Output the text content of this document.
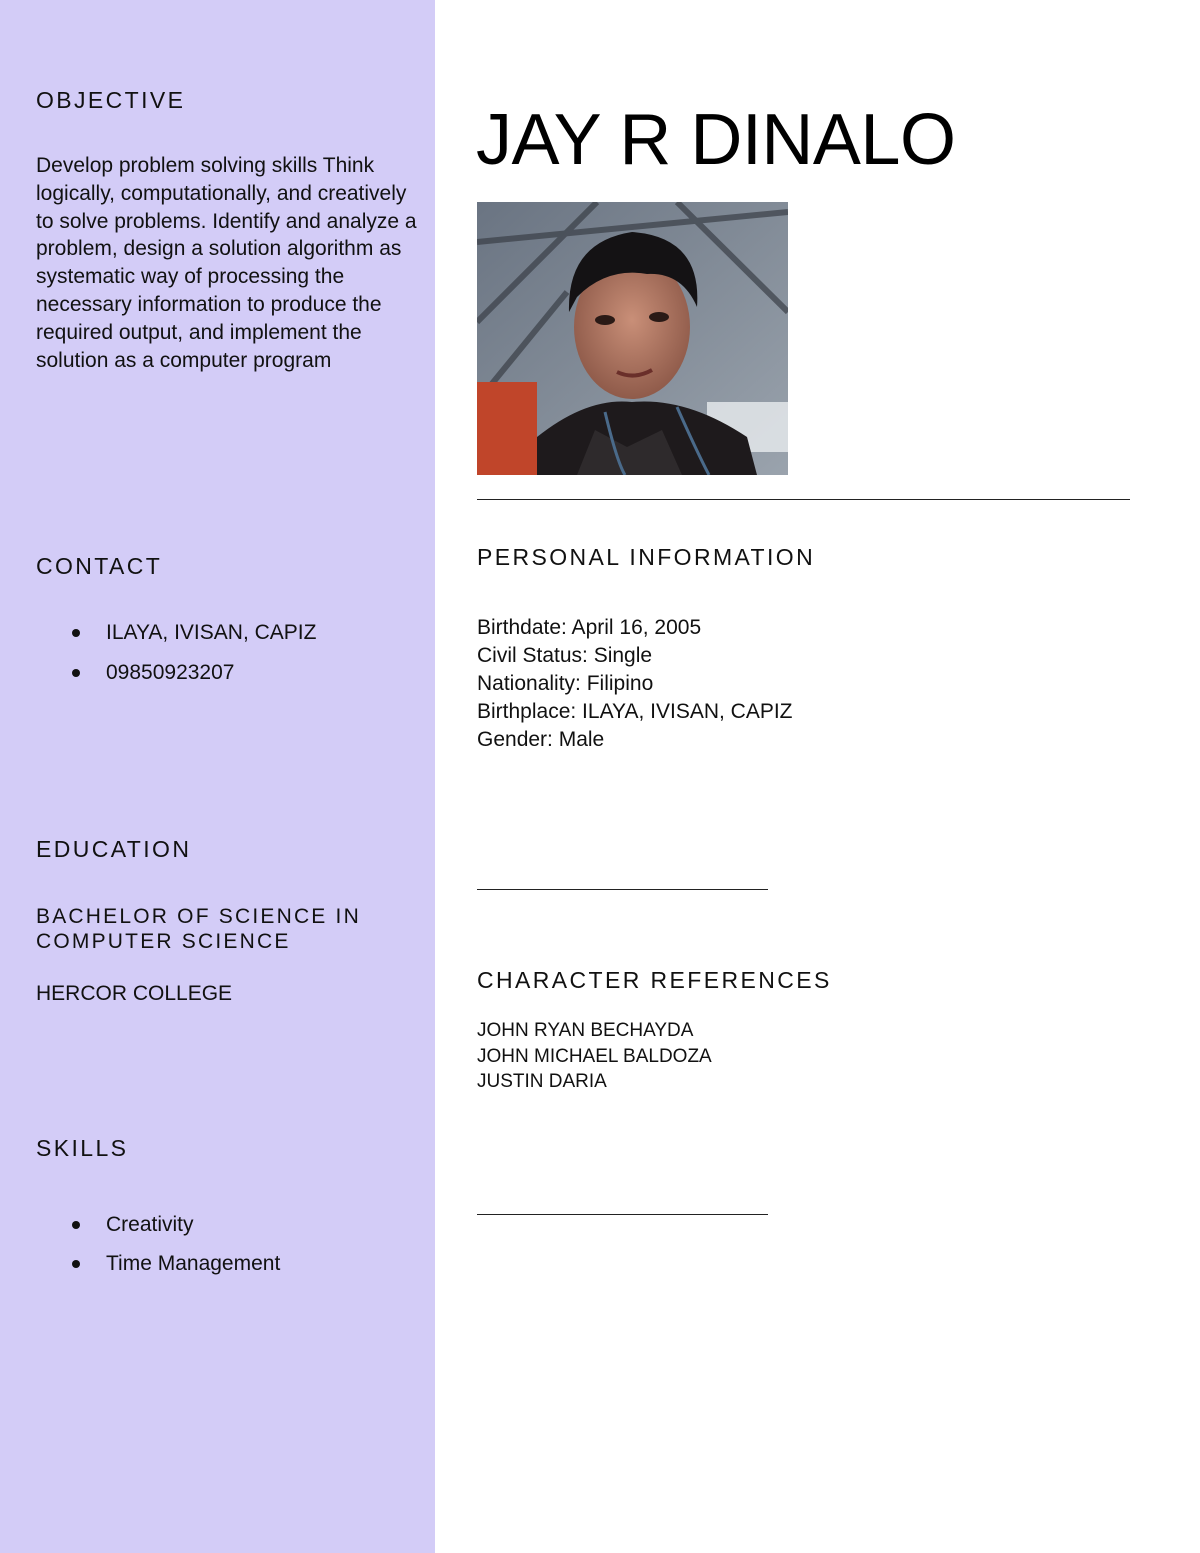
OBJECTIVE

Develop problem solving skills Think logically, computationally, and creatively to solve problems. Identify and analyze a problem, design a solution algorithm as systematic way of processing the necessary information to produce the required output, and implement the solution as a computer program

CONTACT
ILAYA, IVISAN, CAPIZ
09850923207
EDUCATION
BACHELOR OF SCIENCE IN
COMPUTER SCIENCE
HERCOR COLLEGE
SKILLS
Creativity
Time Management
JAY R DINALO
PERSONAL INFORMATION
Birthdate: April 16, 2005
Civil Status: Single
Nationality: Filipino
Birthplace: ILAYA, IVISAN, CAPIZ
Gender: Male
CHARACTER REFERENCES
JOHN RYAN BECHAYDA
JOHN MICHAEL BALDOZA
JUSTIN DARIA
